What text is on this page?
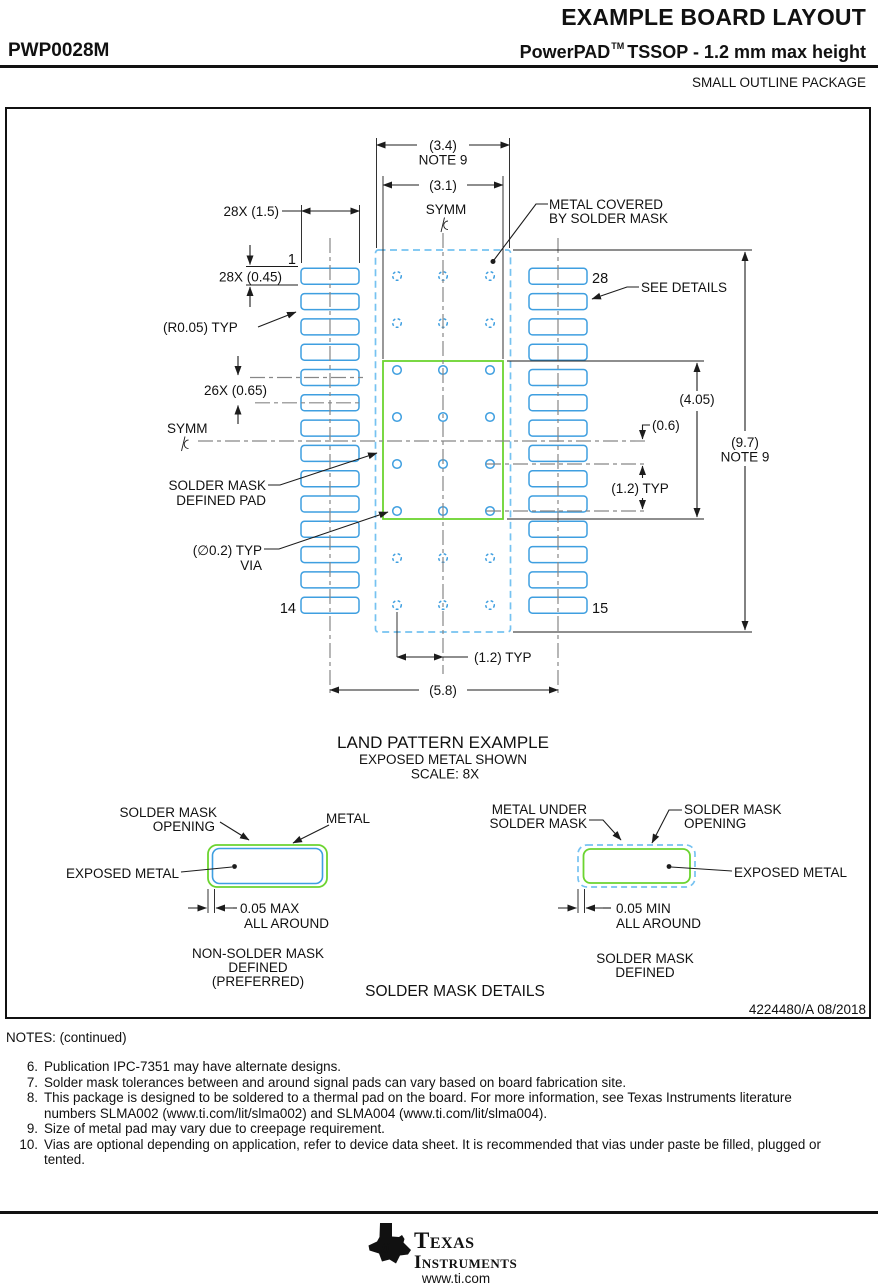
EXAMPLE BOARD LAYOUT
PWP0028M	PowerPAD™ TSSOP - 1.2 mm max height
SMALL OUTLINE PACKAGE
(3.4)
NOTE 9
(3.1)
SYMM
28X (1.5)
1
28X (0.45)
(R0.05) TYP
26X (0.65)
SYMM
SOLDER MASK
DEFINED PAD
(∅0.2) TYP
VIA
METAL COVERED
BY SOLDER MASK
SEE DETAILS
14	15
28
(9.7)
NOTE 9
(4.05)
(0.6)
(1.2) TYP
(1.2) TYP
(5.8)
LAND PATTERN EXAMPLE
EXPOSED METAL SHOWN
SCALE: 8X
SOLDER MASK
OPENING
METAL
EXPOSED METAL
0.05 MAX
ALL AROUND
NON-SOLDER MASK
DEFINED
(PREFERRED)
METAL UNDER
SOLDER MASK
SOLDER MASK
OPENING
EXPOSED METAL
0.05 MIN
ALL AROUND
SOLDER MASK
DEFINED
SOLDER MASK DETAILS
4224480/A 08/2018
NOTES: (continued)
6. Publication IPC-7351 may have alternate designs.
7. Solder mask tolerances between and around signal pads can vary based on board fabrication site.
8. This package is designed to be soldered to a thermal pad on the board. For more information, see Texas Instruments literature numbers SLMA002 (www.ti.com/lit/slma002) and SLMA004 (www.ti.com/lit/slma004).
9. Size of metal pad may vary due to creepage requirement.
10. Vias are optional depending on application, refer to device data sheet. It is recommended that vias under paste be filled, plugged or tented.
ti Texas
Instruments
www.ti.com
